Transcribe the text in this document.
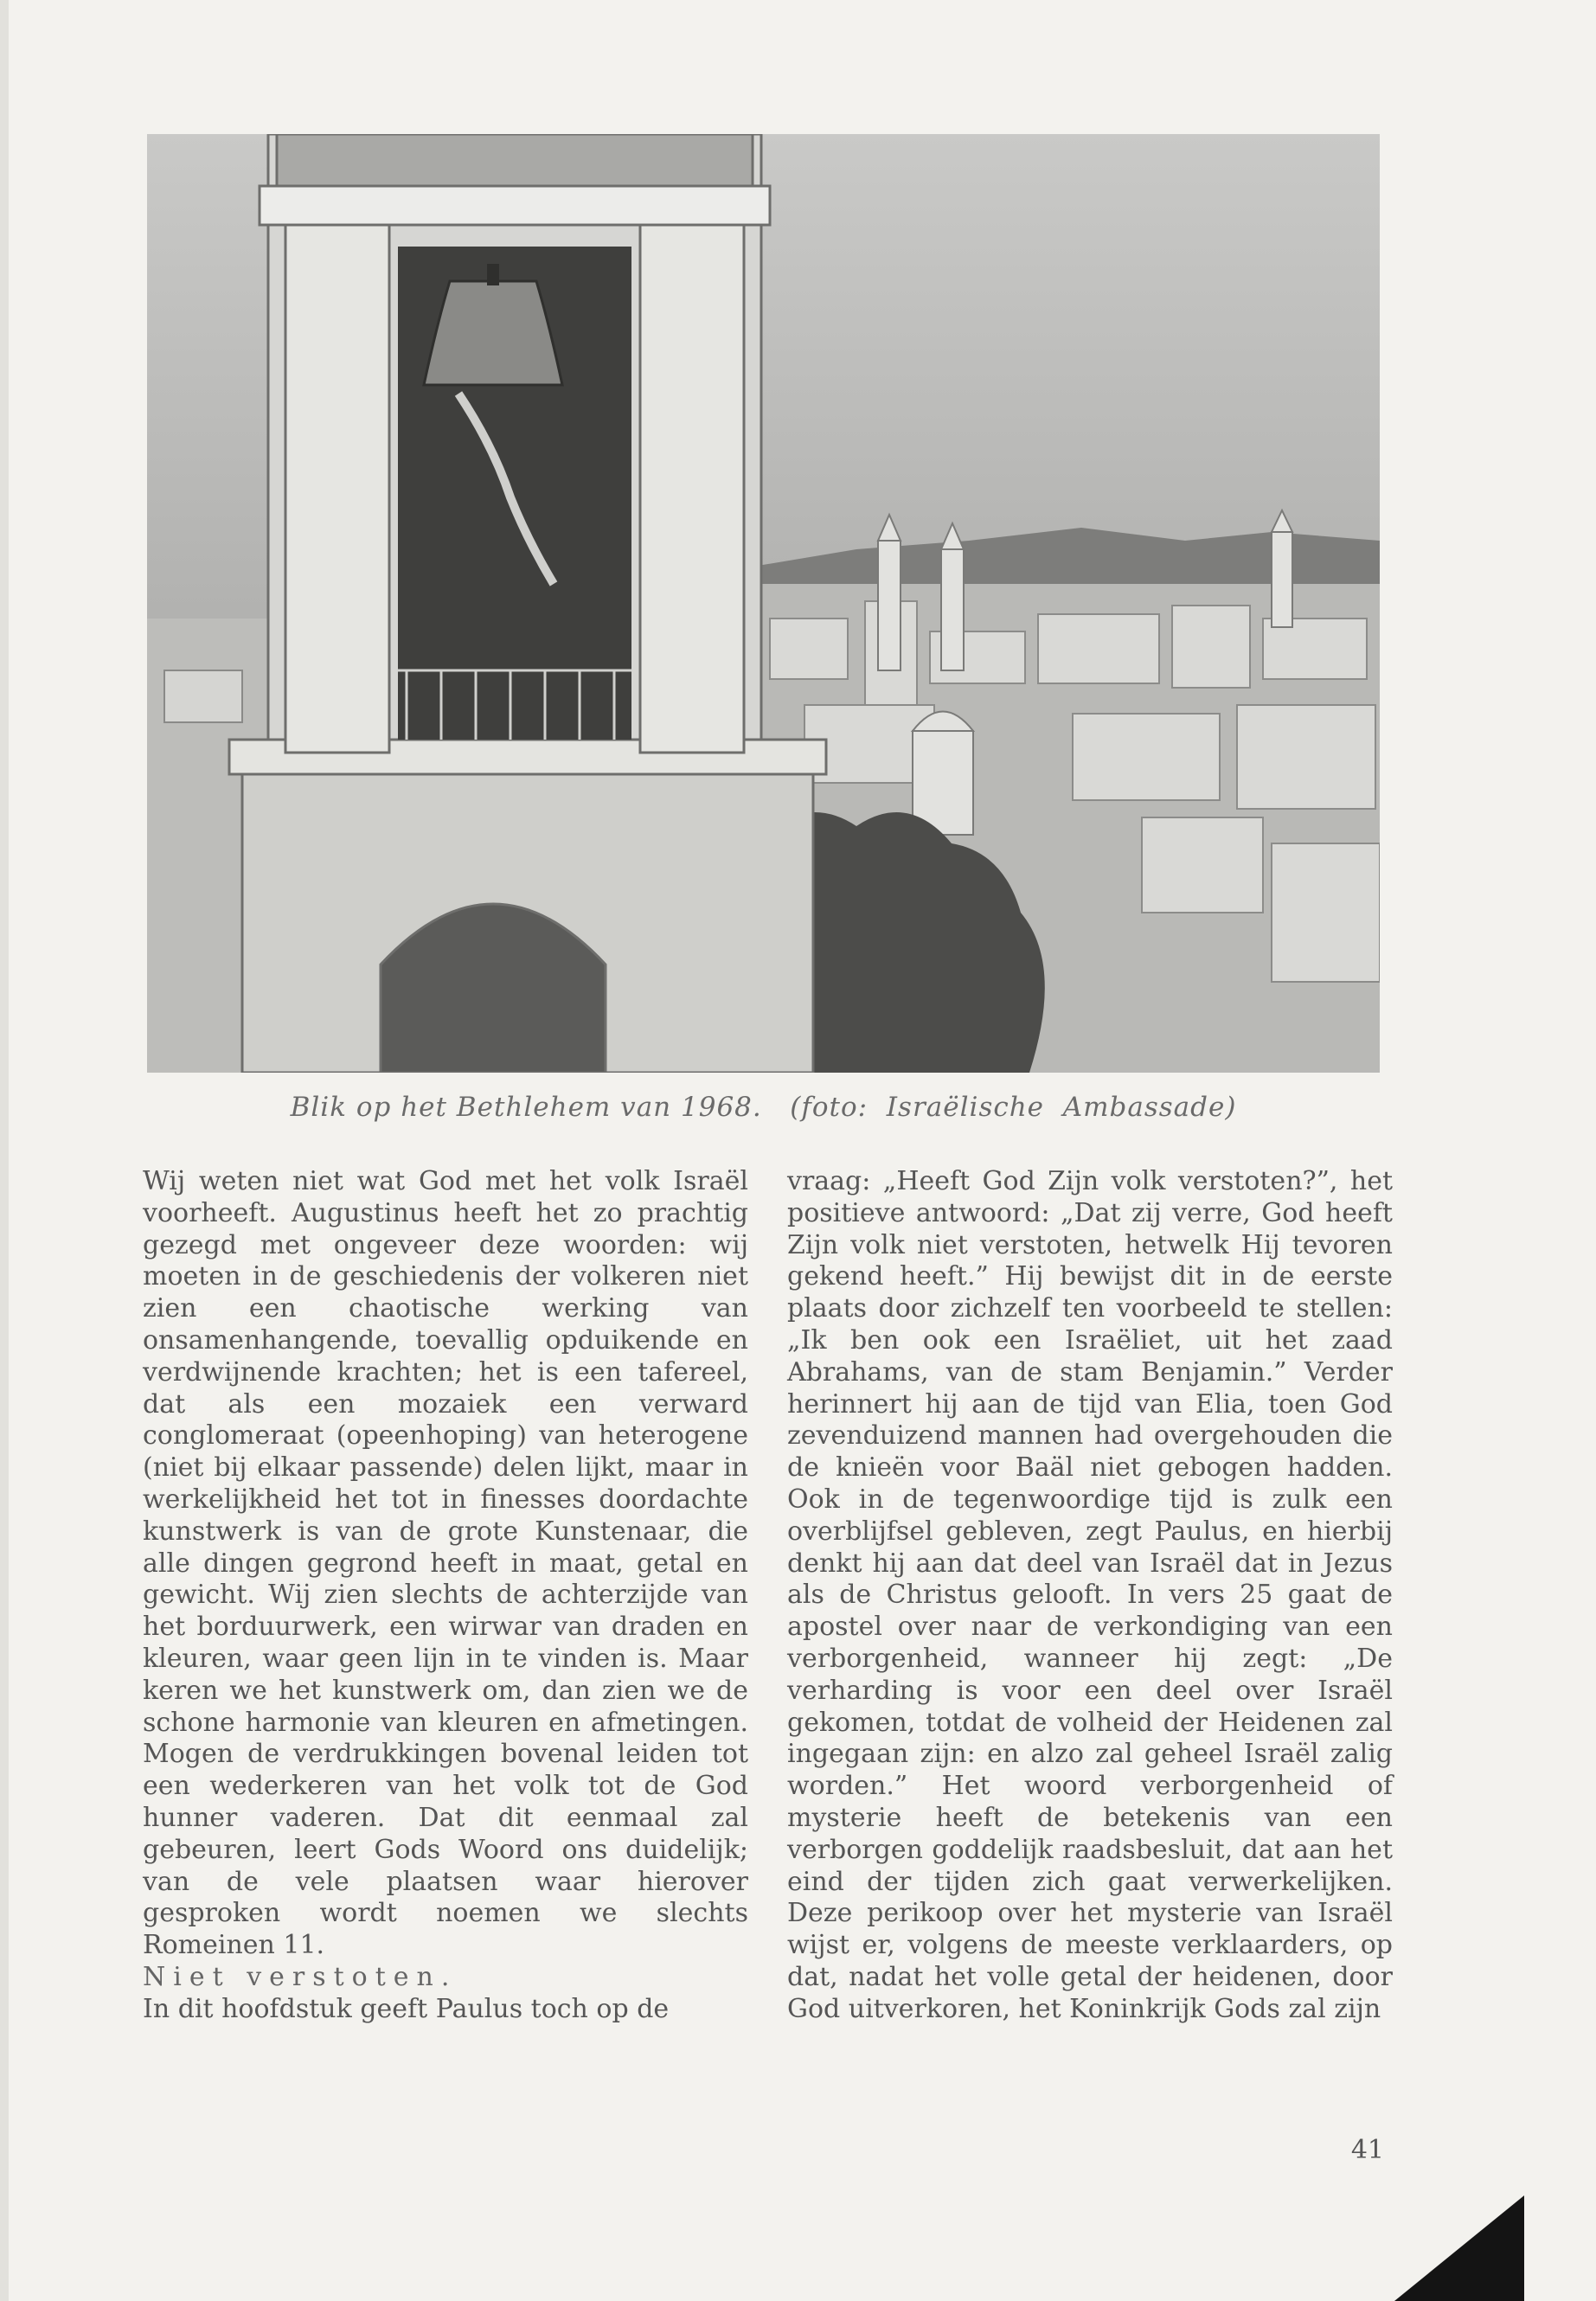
Blik op het Bethlehem van 1968.   (foto:  Israëlische  Ambassade)

Wij weten niet wat God met het volk Israël voorheeft. Augustinus heeft het zo prachtig gezegd met ongeveer deze woorden: wij moeten in de geschiedenis der volkeren niet zien een chaotische werking van onsamenhangende, toevallig opduikende en verdwijnende krachten; het is een tafereel, dat als een mozaiek een verward conglomeraat (opeenhoping) van heterogene (niet bij elkaar passende) delen lijkt, maar in werkelijkheid het tot in finesses doordachte kunstwerk is van de grote Kunstenaar, die alle dingen gegrond heeft in maat, getal en gewicht. Wij zien slechts de achterzijde van het borduurwerk, een wirwar van draden en kleuren, waar geen lijn in te vinden is. Maar keren we het kunstwerk om, dan zien we de schone harmonie van kleuren en afmetingen. Mogen de verdrukkingen bovenal leiden tot een wederkeren van het volk tot de God hunner vaderen. Dat dit eenmaal zal gebeuren, leert Gods Woord ons duidelijk; van de vele plaatsen waar hierover gesproken wordt noemen we slechts Romeinen 11.

Niet verstoten.

In dit hoofdstuk geeft Paulus toch op de

vraag: „Heeft God Zijn volk verstoten?”, het positieve antwoord: „Dat zij verre, God heeft Zijn volk niet verstoten, hetwelk Hij tevoren gekend heeft.” Hij bewijst dit in de eerste plaats door zichzelf ten voorbeeld te stellen: „Ik ben ook een Israëliet, uit het zaad Abrahams, van de stam Benjamin.” Verder herinnert hij aan de tijd van Elia, toen God zevenduizend mannen had overgehouden die de knieën voor Baäl niet gebogen hadden. Ook in de tegenwoordige tijd is zulk een overblijfsel gebleven, zegt Paulus, en hierbij denkt hij aan dat deel van Israël dat in Jezus als de Christus gelooft. In vers 25 gaat de apostel over naar de verkondiging van een verborgenheid, wanneer hij zegt: „De verharding is voor een deel over Israël gekomen, totdat de volheid der Heidenen zal ingegaan zijn: en alzo zal geheel Israël zalig worden.” Het woord verborgenheid of mysterie heeft de betekenis van een verborgen goddelijk raadsbesluit, dat aan het eind der tijden zich gaat verwerkelijken. Deze perikoop over het mysterie van Israël wijst er, volgens de meeste verklaarders, op dat, nadat het volle getal der heidenen, door God uitverkoren, het Koninkrijk Gods zal zijn

41
